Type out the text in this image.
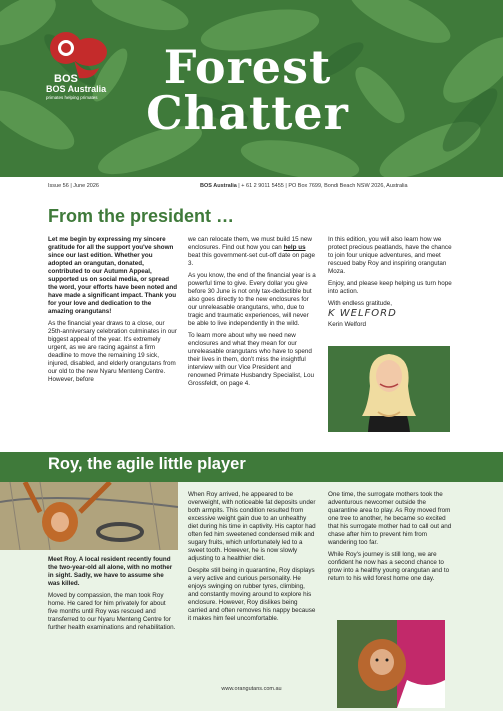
BOS
BOS Australia
primates helping primates
Forest
Chatter
Issue 56 | June 2026	BOS Australia | + 61 2 9011 5455 | PO Box 7699, Bondi Beach NSW 2026, Australia
From the president …

Let me begin by expressing my sincere gratitude for all the support you've shown since our last edition. Whether you adopted an orangutan, donated, contributed to our Autumn Appeal, supported us on social media, or spread the word, your efforts have been noted and have made a significant impact. Thank you for your love and dedication to the amazing orangutans!

As the financial year draws to a close, our 25th-anniversary celebration culminates in our biggest appeal of the year. It's extremely urgent, as we are racing against a firm deadline to move the remaining 19 sick, injured, disabled, and elderly orangutans from our old to the new Nyaru Menteng Centre. However, before

we can relocate them, we must build 15 new enclosures. Find out how you can help us beat this government-set cut-off date on page 3.

As you know, the end of the financial year is a powerful time to give. Every dollar you give before 30 June is not only tax-deductible but also goes directly to the new enclosures for our unreleasable orangutans, who, due to tragic and traumatic experiences, will never be able to live independently in the wild.

To learn more about why we need new enclosures and what they mean for our unreleasable orangutans who have to spend their lives in them, don't miss the insightful interview with our Vice President and renowned Primate Husbandry Specialist, Lou Grossfeldt, on page 4.

In this edition, you will also learn how we protect precious peatlands, have the chance to join four unique adventures, and meet rescued baby Roy and inspiring orangutan Moza.

Enjoy, and please keep helping us turn hope into action.

With endless gratitude,

K WELFORD

Kerin Welford

Roy, the agile little player

Meet Roy. A local resident recently found the two-year-old all alone, with no mother in sight. Sadly, we have to assume she was killed.

Moved by compassion, the man took Roy home. He cared for him privately for about five months until Roy was rescued and transferred to our Nyaru Menteng Centre for further health examinations and rehabilitation.

When Roy arrived, he appeared to be overweight, with noticeable fat deposits under both armpits. This condition resulted from excessive weight gain due to an unhealthy diet during his time in captivity. His captor had often fed him sweetened condensed milk and sugary fruits, which unfortunately led to a sweet tooth. However, he is now slowly adjusting to a healthier diet.

Despite still being in quarantine, Roy displays a very active and curious personality. He enjoys swinging on rubber tyres, climbing, and constantly moving around to explore his enclosure. However, Roy dislikes being carried and often removes his nappy because it makes him feel uncomfortable.

One time, the surrogate mothers took the adventurous newcomer outside the quarantine area to play. As Roy moved from one tree to another, he became so excited that his surrogate mother had to call out and chase after him to prevent him from wandering too far.

While Roy's journey is still long, we are confident he now has a second chance to grow into a healthy young orangutan and to return to his wild forest home one day.

www.orangutans.com.au
